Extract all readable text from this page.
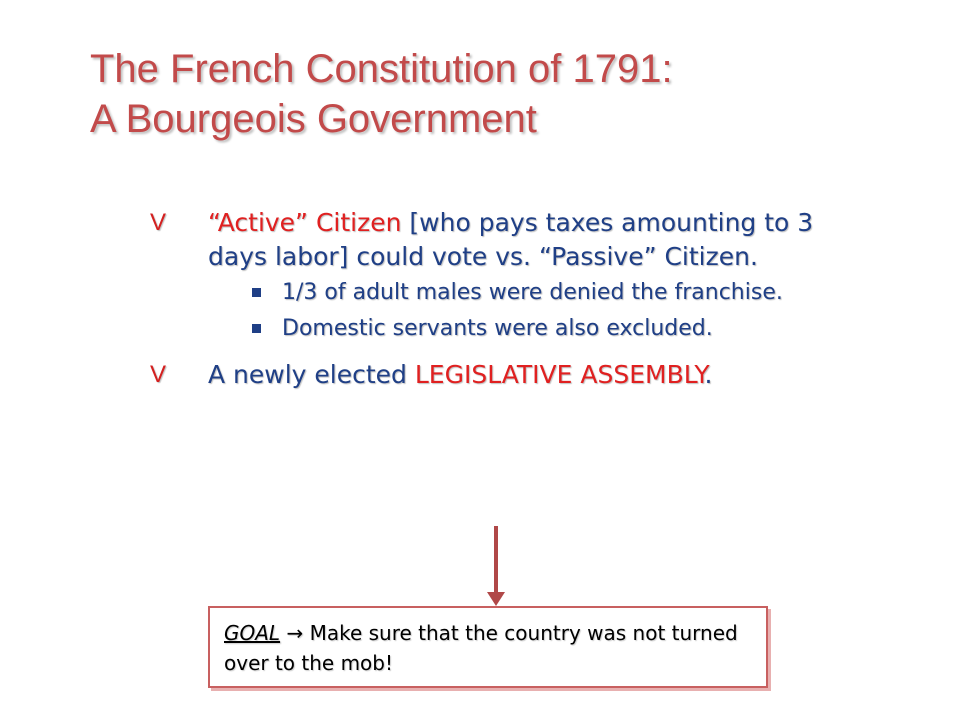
The French Constitution of 1791:
A Bourgeois Government
V	“Active” Citizen [who pays taxes amounting to 3 days labor] could vote vs. “Passive” Citizen.
1/3 of adult males were denied the franchise.
Domestic servants were also excluded.
V	A newly elected LEGISLATIVE ASSEMBLY.
GOAL → Make sure that the country was not turned over to the mob!
